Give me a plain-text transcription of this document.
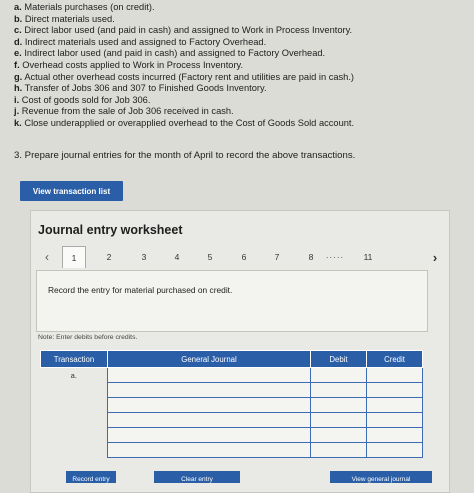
a. Materials purchases (on credit).
b. Direct materials used.
c. Direct labor used (and paid in cash) and assigned to Work in Process Inventory.
d. Indirect materials used and assigned to Factory Overhead.
e. Indirect labor used (and paid in cash) and assigned to Factory Overhead.
f. Overhead costs applied to Work in Process Inventory.
g. Actual other overhead costs incurred (Factory rent and utilities are paid in cash.)
h. Transfer of Jobs 306 and 307 to Finished Goods Inventory.
i. Cost of goods sold for Job 306.
j. Revenue from the sale of Job 306 received in cash.
k. Close underapplied or overapplied overhead to the Cost of Goods Sold account.
3. Prepare journal entries for the month of April to record the above transactions.
View transaction list
Journal entry worksheet
‹	1	2	3	4	5	6	7	8	·····	11	›
Record the entry for material purchased on credit.
Note: Enter debits before credits.
Transaction	General Journal	Debit	Credit
a.			

Record entry	Clear entry	View general journal
